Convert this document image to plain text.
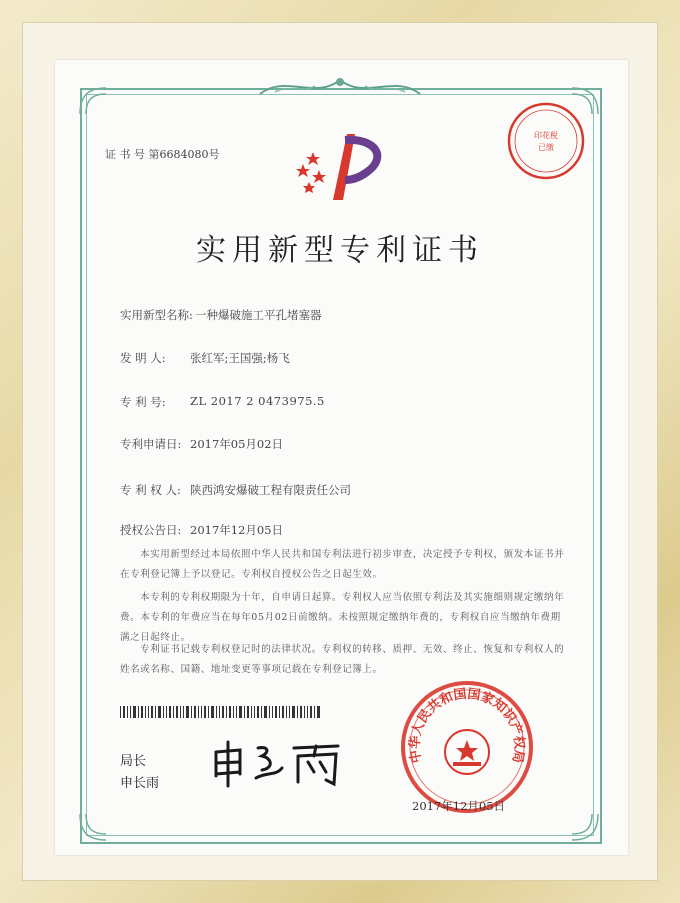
证 书 号 第6684080号
印花税
已缴
实用新型专利证书
实用新型名称: 一种爆破施工平孔堵塞器
发 明 人: 张红军;王国强;杨飞
专 利 号: ZL 2017 2 0473975.5
专利申请日: 2017年05月02日
专 利 权 人: 陕西鸿安爆破工程有限责任公司
授权公告日: 2017年12月05日
本实用新型经过本局依照中华人民共和国专利法进行初步审查，决定授予专利权，颁发本证书并在专利登记簿上予以登记。专利权自授权公告之日起生效。
本专利的专利权期限为十年，自申请日起算。专利权人应当依照专利法及其实施细则规定缴纳年费。本专利的年费应当在每年05月02日前缴纳。未按照规定缴纳年费的，专利权自应当缴纳年费期满之日起终止。
专利证书记载专利权登记时的法律状况。专利权的转移、质押、无效、终止、恢复和专利权人的姓名或名称、国籍、地址变更等事项记载在专利登记簿上。
局长
申长雨
中华人民共和国国家知识产权局
2017年12月05日
